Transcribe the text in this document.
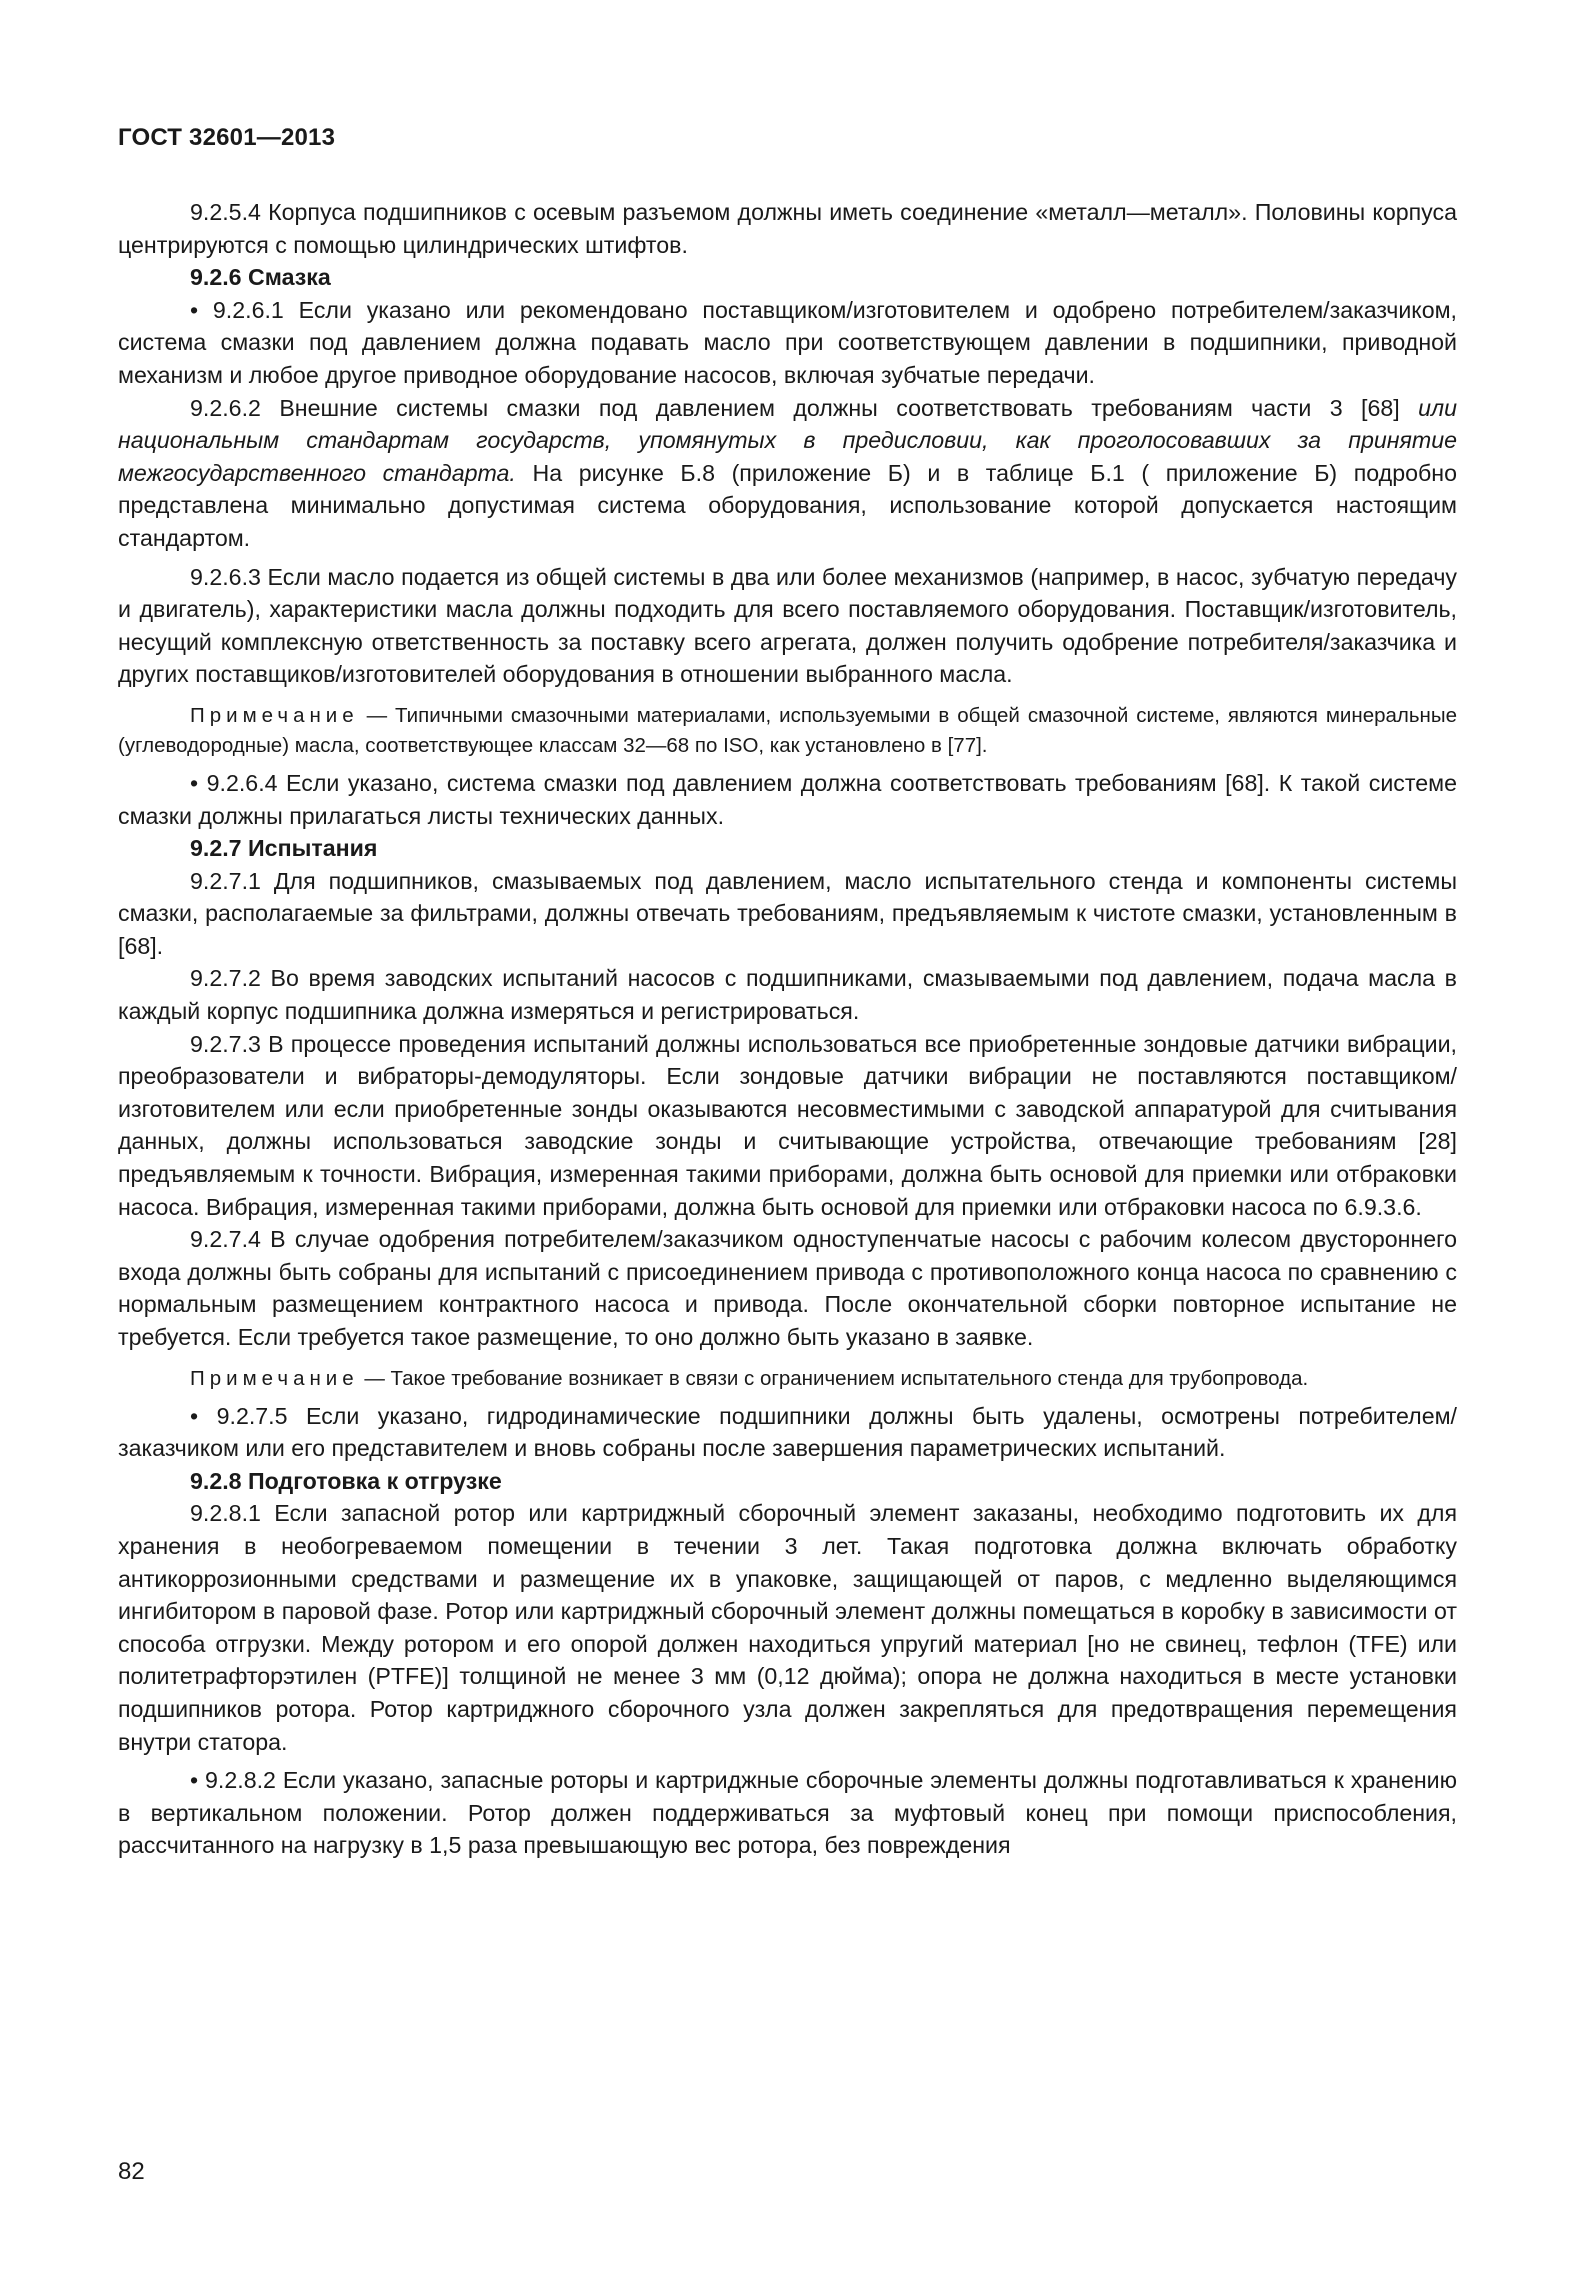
ГОСТ 32601—2013

9.2.5.4 Корпуса подшипников с осевым разъемом должны иметь соединение «металл—металл». Половины корпуса центрируются с помощью цилиндрических штифтов.

9.2.6 Смазка

• 9.2.6.1 Если указано или рекомендовано поставщиком/изготовителем и одобрено потребителем/заказчиком, система смазки под давлением должна подавать масло при соответствующем давлении в подшипники, приводной механизм и любое другое приводное оборудование насосов, включая зубчатые передачи.

9.2.6.2 Внешние системы смазки под давлением должны соответствовать требованиям части 3 [68] или национальным стандартам государств, упомянутых в предисловии, как проголосовавших за принятие межгосударственного стандарта. На рисунке Б.8 (приложение Б) и в таблице Б.1 ( приложение Б) подробно представлена минимально допустимая система оборудования, использование которой допускается настоящим стандартом.

9.2.6.3 Если масло подается из общей системы в два или более механизмов (например, в насос, зубчатую передачу и двигатель), характеристики масла должны подходить для всего поставляемого оборудования. Поставщик/изготовитель, несущий комплексную ответственность за поставку всего агрегата, должен получить одобрение потребителя/заказчика и других поставщиков/изготовителей оборудования в отношении выбранного масла.

Примечание — Типичными смазочными материалами, используемыми в общей смазочной системе, являются минеральные (углеводородные) масла, соответствующее классам 32—68 по ISO, как установлено в [77].

• 9.2.6.4 Если указано, система смазки под давлением должна соответствовать требованиям [68]. К такой системе смазки должны прилагаться листы технических данных.

9.2.7 Испытания

9.2.7.1 Для подшипников, смазываемых под давлением, масло испытательного стенда и компоненты системы смазки, располагаемые за фильтрами, должны отвечать требованиям, предъявляемым к чистоте смазки, установленным в [68].

9.2.7.2 Во время заводских испытаний насосов с подшипниками, смазываемыми под давлением, подача масла в каждый корпус подшипника должна измеряться и регистрироваться.

9.2.7.3 В процессе проведения испытаний должны использоваться все приобретенные зондовые датчики вибрации, преобразователи и вибраторы-демодуляторы. Если зондовые датчики вибрации не поставляются поставщиком/изготовителем или если приобретенные зонды оказываются несовместимыми с заводской аппаратурой для считывания данных, должны использоваться заводские зонды и считывающие устройства, отвечающие требованиям [28] предъявляемым к точности. Вибрация, измеренная такими приборами, должна быть основой для приемки или отбраковки насоса. Вибрация, измеренная такими приборами, должна быть основой для приемки или отбраковки насоса по 6.9.3.6.

9.2.7.4 В случае одобрения потребителем/заказчиком одноступенчатые насосы с рабочим колесом двустороннего входа должны быть собраны для испытаний с присоединением привода с противоположного конца насоса по сравнению с нормальным размещением контрактного насоса и привода. После окончательной сборки повторное испытание не требуется. Если требуется такое размещение, то оно должно быть указано в заявке.

Примечание — Такое требование возникает в связи с ограничением испытательного стенда для трубопровода.

• 9.2.7.5 Если указано, гидродинамические подшипники должны быть удалены, осмотрены потребителем/заказчиком или его представителем и вновь собраны после завершения параметрических испытаний.

9.2.8 Подготовка к отгрузке

9.2.8.1 Если запасной ротор или картриджный сборочный элемент заказаны, необходимо подготовить их для хранения в необогреваемом помещении в течении 3 лет. Такая подготовка должна включать обработку антикоррозионными средствами и размещение их в упаковке, защищающей от паров, с медленно выделяющимся ингибитором в паровой фазе. Ротор или картриджный сборочный элемент должны помещаться в коробку в зависимости от способа отгрузки. Между ротором и его опорой должен находиться упругий материал [но не свинец, тефлон (TFE) или политетрафторэтилен (PTFE)] толщиной не менее 3 мм (0,12 дюйма); опора не должна находиться в месте установки подшипников ротора. Ротор картриджного сборочного узла должен закрепляться для предотвращения перемещения внутри статора.

• 9.2.8.2 Если указано, запасные роторы и картриджные сборочные элементы должны подготавливаться к хранению в вертикальном положении. Ротор должен поддерживаться за муфтовый конец при помощи приспособления, рассчитанного на нагрузку в 1,5 раза превышающую вес ротора, без повреждения

82
